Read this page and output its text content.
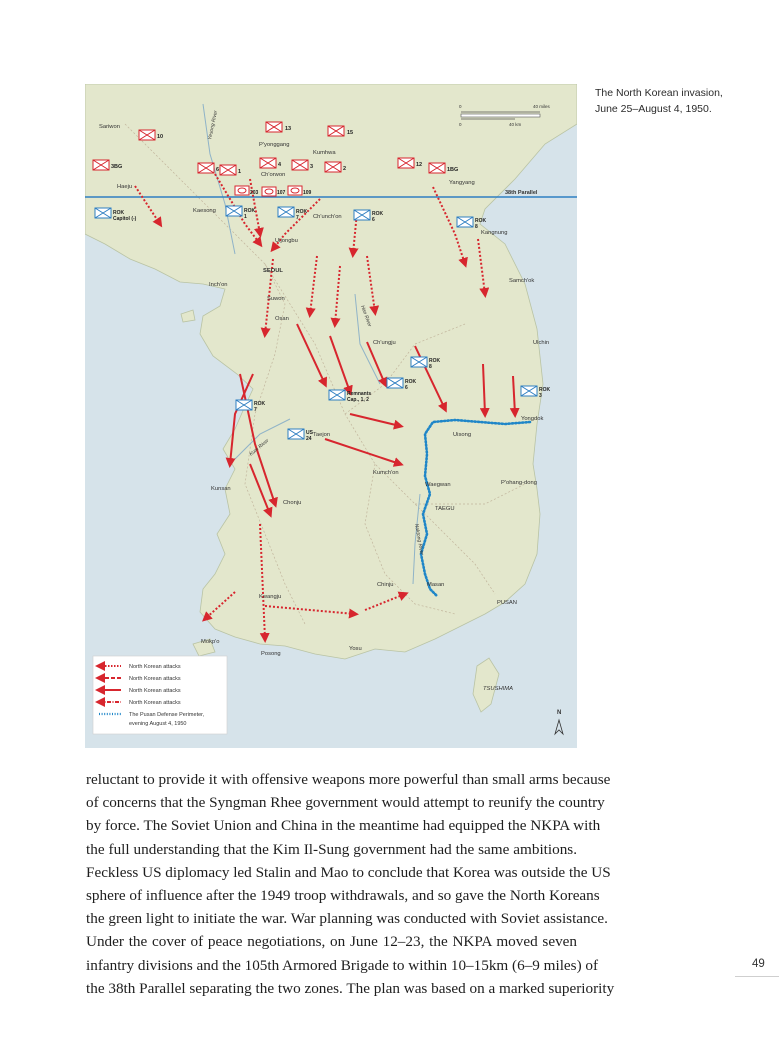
38th Parallel
0	40 miles
0	40 km
10
13
15
3BG	6	1
4	3	2
12
1BG
203	107	109
ROK
Capitol (-)
ROK
1
ROK
7
ROK
6	ROK
8
ROK
8
ROK
6	ROK
3
ROK
7
Remnants
Cap., 1, 2
US
24
Sariwon
P'yonggang
Kumhwa
Ch'orwon
Haeju
Kaesong
Ch'unch'on
Yangyang
Kangnung
Uijongbu
SEOUL
Inch'on
Suwon
Osan
Samch'ok
Ch'ungju	Ulchin
Yongdok
Uisong
Taejon
Kumch'on
Waegwan
TAEGU
P'ohang-dong
Kunsan
Chonju
Chinju	Masan
PUSAN
Kwangju
Mokp'o
Posong
Yosu
TSUSHIMA
Yesong River
Han River
Kum River
Naktong River
North Korean attacks
North Korean attacks
North Korean attacks
North Korean attacks
The Pusan Defense Perimeter,
evening August 4, 1950
N
The North Korean invasion,
June 25–August 4, 1950.

reluctant to provide it with offensive weapons more powerful than small arms because
of concerns that the Syngman Rhee government would attempt to reunify the country
by force. The Soviet Union and China in the meantime had equipped the NKPA with
the full understanding that the Kim Il-Sung government had the same ambitions.
Feckless US diplomacy led Stalin and Mao to conclude that Korea was outside the US
sphere of influence after the 1949 troop withdrawals, and so gave the North Koreans
the green light to initiate the war. War planning was conducted with Soviet assistance.
Under the cover of peace negotiations, on June 12–23, the NKPA moved seven
infantry divisions and the 105th Armored Brigade to within 10–15km (6–9 miles) of
the 38th Parallel separating the two zones. The plan was based on a marked superiority

49
